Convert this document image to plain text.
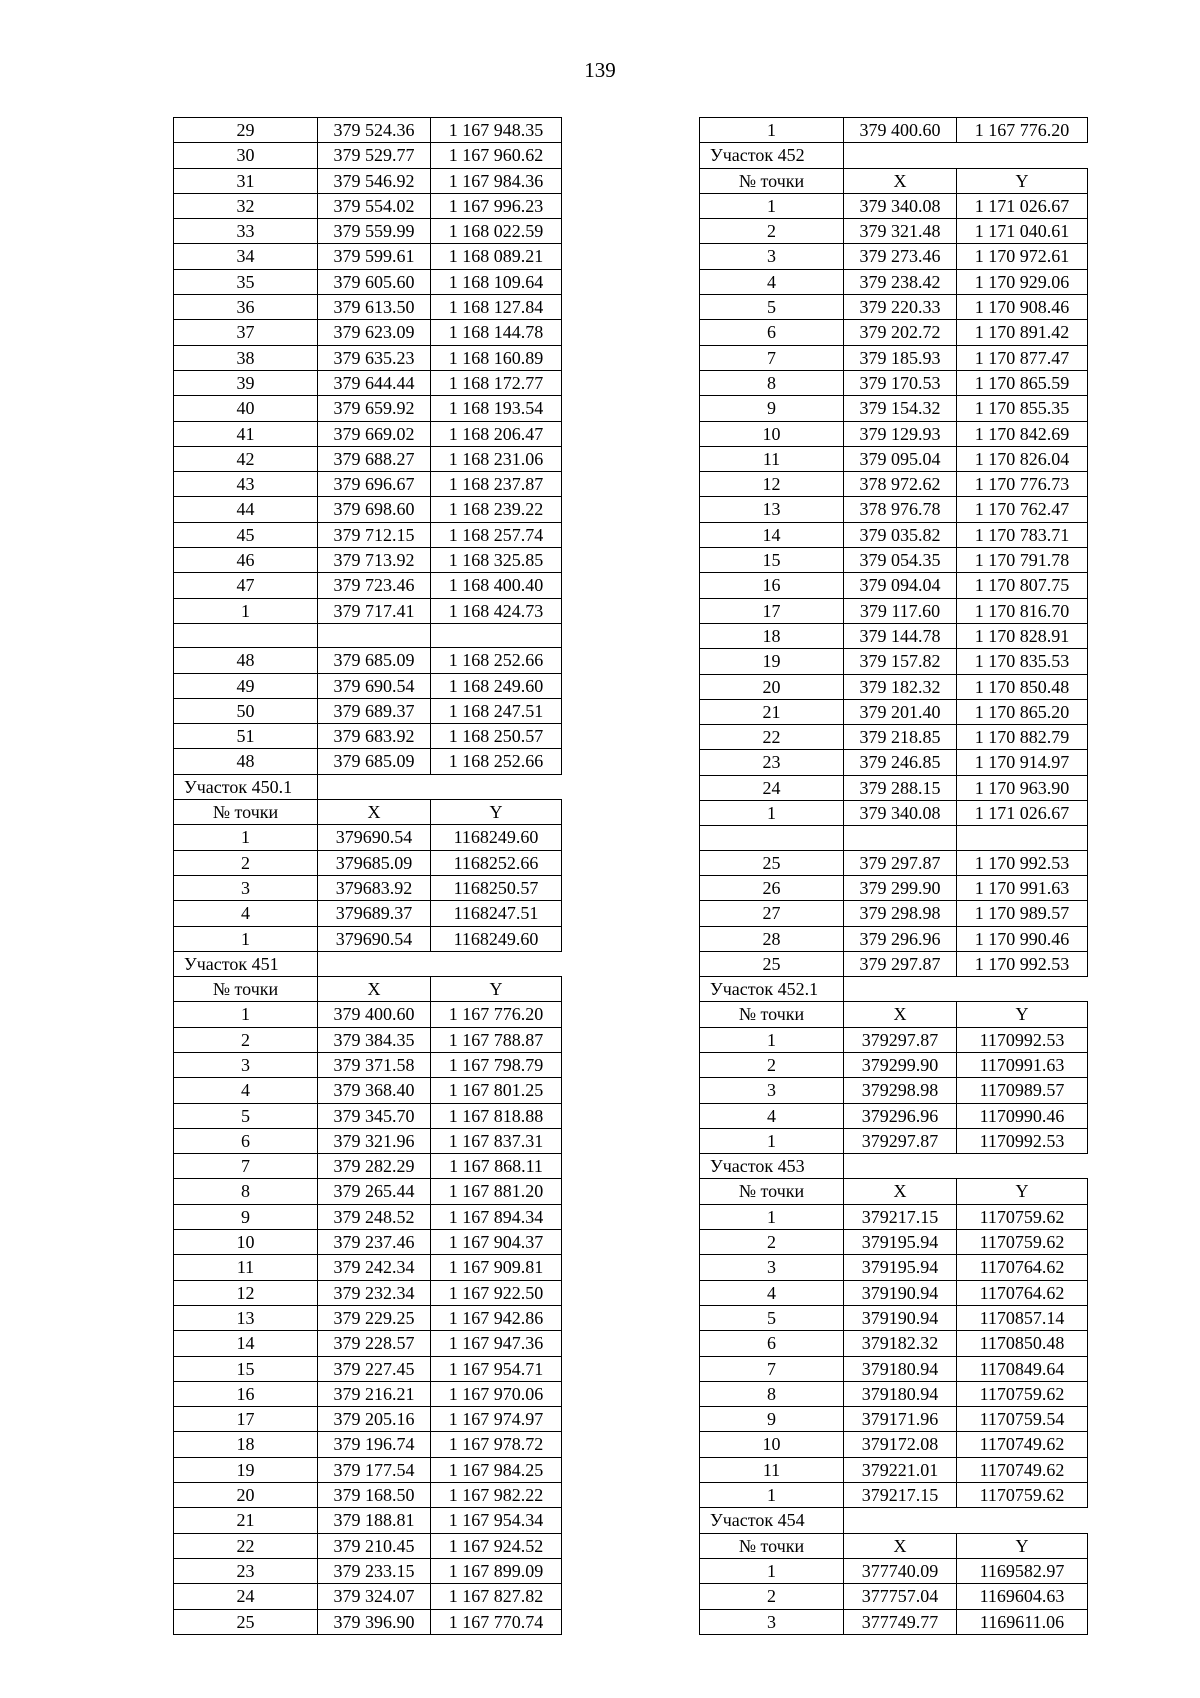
139
29	379 524.36	1 167 948.35
30	379 529.77	1 167 960.62
31	379 546.92	1 167 984.36
32	379 554.02	1 167 996.23
33	379 559.99	1 168 022.59
34	379 599.61	1 168 089.21
35	379 605.60	1 168 109.64
36	379 613.50	1 168 127.84
37	379 623.09	1 168 144.78
38	379 635.23	1 168 160.89
39	379 644.44	1 168 172.77
40	379 659.92	1 168 193.54
41	379 669.02	1 168 206.47
42	379 688.27	1 168 231.06
43	379 696.67	1 168 237.87
44	379 698.60	1 168 239.22
45	379 712.15	1 168 257.74
46	379 713.92	1 168 325.85
47	379 723.46	1 168 400.40
1	379 717.41	1 168 424.73

48	379 685.09	1 168 252.66
49	379 690.54	1 168 249.60
50	379 689.37	1 168 247.51
51	379 683.92	1 168 250.57
48	379 685.09	1 168 252.66
Участок 450.1		
№ точки	X	Y
1	379690.54	1168249.60
2	379685.09	1168252.66
3	379683.92	1168250.57
4	379689.37	1168247.51
1	379690.54	1168249.60
Участок 451		
№ точки	X	Y
1	379 400.60	1 167 776.20
2	379 384.35	1 167 788.87
3	379 371.58	1 167 798.79
4	379 368.40	1 167 801.25
5	379 345.70	1 167 818.88
6	379 321.96	1 167 837.31
7	379 282.29	1 167 868.11
8	379 265.44	1 167 881.20
9	379 248.52	1 167 894.34
10	379 237.46	1 167 904.37
11	379 242.34	1 167 909.81
12	379 232.34	1 167 922.50
13	379 229.25	1 167 942.86
14	379 228.57	1 167 947.36
15	379 227.45	1 167 954.71
16	379 216.21	1 167 970.06
17	379 205.16	1 167 974.97
18	379 196.74	1 167 978.72
19	379 177.54	1 167 984.25
20	379 168.50	1 167 982.22
21	379 188.81	1 167 954.34
22	379 210.45	1 167 924.52
23	379 233.15	1 167 899.09
24	379 324.07	1 167 827.82
25	379 396.90	1 167 770.74
1	379 400.60	1 167 776.20
Участок 452		
№ точки	X	Y
1	379 340.08	1 171 026.67
2	379 321.48	1 171 040.61
3	379 273.46	1 170 972.61
4	379 238.42	1 170 929.06
5	379 220.33	1 170 908.46
6	379 202.72	1 170 891.42
7	379 185.93	1 170 877.47
8	379 170.53	1 170 865.59
9	379 154.32	1 170 855.35
10	379 129.93	1 170 842.69
11	379 095.04	1 170 826.04
12	378 972.62	1 170 776.73
13	378 976.78	1 170 762.47
14	379 035.82	1 170 783.71
15	379 054.35	1 170 791.78
16	379 094.04	1 170 807.75
17	379 117.60	1 170 816.70
18	379 144.78	1 170 828.91
19	379 157.82	1 170 835.53
20	379 182.32	1 170 850.48
21	379 201.40	1 170 865.20
22	379 218.85	1 170 882.79
23	379 246.85	1 170 914.97
24	379 288.15	1 170 963.90
1	379 340.08	1 171 026.67

25	379 297.87	1 170 992.53
26	379 299.90	1 170 991.63
27	379 298.98	1 170 989.57
28	379 296.96	1 170 990.46
25	379 297.87	1 170 992.53
Участок 452.1		
№ точки	X	Y
1	379297.87	1170992.53
2	379299.90	1170991.63
3	379298.98	1170989.57
4	379296.96	1170990.46
1	379297.87	1170992.53
Участок 453		
№ точки	X	Y
1	379217.15	1170759.62
2	379195.94	1170759.62
3	379195.94	1170764.62
4	379190.94	1170764.62
5	379190.94	1170857.14
6	379182.32	1170850.48
7	379180.94	1170849.64
8	379180.94	1170759.62
9	379171.96	1170759.54
10	379172.08	1170749.62
11	379221.01	1170749.62
1	379217.15	1170759.62
Участок 454		
№ точки	X	Y
1	377740.09	1169582.97
2	377757.04	1169604.63
3	377749.77	1169611.06
